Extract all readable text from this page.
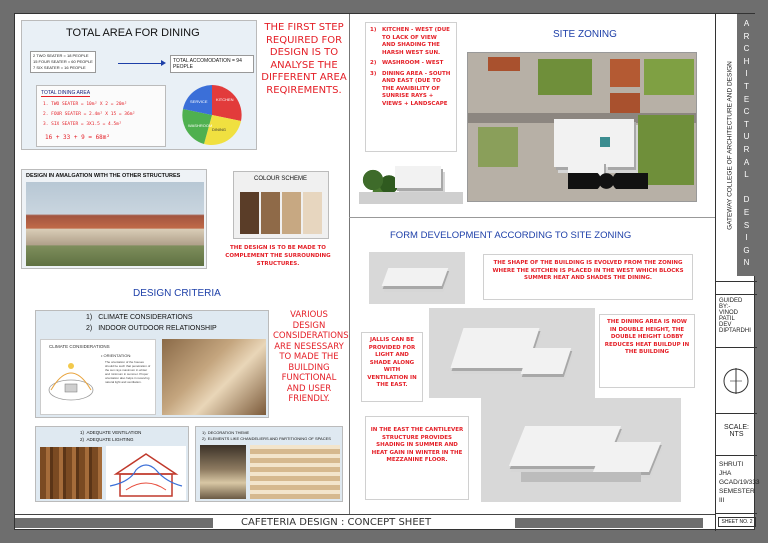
TOTAL AREA FOR DINING
2 TWO SEATER = 18 PEOPLE
15 FOUR SEATER = 60 PEOPLE
7 SIX SEATER = 16 PEOPLE
TOTAL ACCOMODATION = 94 PEOPLE
TOTAL DINING AREA
1. TWO SEATER = 10m² X 2 = 20m²
2. FOUR SEATER = 2.4m² X 15 = 36m²
3. SIX SEATER = 3X1.5 = 4.5m²
16 + 33 + 9 = 68m²
KITCHEN
DINING
WASHROOM
SERVICE
THE FIRST STEP REQUIRED FOR DESIGN IS TO ANALYSE THE DIFFERENT AREA REQIREMENTS.
DESIGN IN AMALGATION WITH THE OTHER STRUCTURES	COLOUR SCHEME
THE DESIGN IS TO BE MADE TO COMPLEMENT THE SURROUNDING STRUCTURES.
DESIGN CRITERIA
1) CLIMATE CONSIDERATIONS
2) INDOOR OUTDOOR RELATIONSHIP
CLIMATE CONSIDERATIONS
• ORIENTATION:
The orientation of the houses should be such that penetration of the sun rays maximum in winter and minimum in summer. Proper orientation also helps in receiving natural light and ventilation.
VARIOUS DESIGN CONSIDERATIONS ARE NESESSARY TO MADE THE BUILDING FUNCTIONAL AND USER FRIENDLY.
1)  ADEQUATE VENTILATION
2)  ADEQUATE LIGHTING
1)  DECORATION THEME
2)  ELEMENTS LIKE CHANDELIERS AND PARTITIONING OF SPACES
1)	KITCHEN - WEST (DUE TO LACK OF VIEW AND SHADING THE HARSH WEST SUN.
2)	WASHROOM - WEST
3)	DINING AREA - SOUTH AND EAST (DUE TO THE AVAIBILITY OF SUNRISE RAYS + VIEWS + LANDSCAPE
SITE ZONING
FORM DEVELOPMENT ACCORDING TO SITE ZONING
THE SHAPE OF THE BUILDING IS EVOLVED FROM THE ZONING WHERE THE KITCHEN IS PLACED IN THE WEST WHICH BLOCKS SUMMER HEAT AND SHADES THE DINING.
JALLIS CAN BE PROVIDED FOR LIGHT AND SHADE ALONG WITH VENTILATION IN THE EAST.
THE DINING AREA IS NOW IN DOUBLE HEIGHT, THE DOUBLE HEIGHT LOBBY REDUCES HEAT BUILDUP IN THE BUILDING
IN THE EAST THE CANTILEVER STRUCTURE PROVIDES SHADING IN SUMMER AND HEAT GAIN IN WINTER IN THE MEZZANINE FLOOR.
CAFETERIA DESIGN : CONCEPT SHEET
GATEWAY COLLEGE OF ARCHITECTURE AND DESIGN
A
R
C
H
I
T
E
C
T
U
R
A
L
D
E
S
I
G
N
GUIDED BY:-
VINOD PATIL
DEV DIPTARDHI
SCALE:
NTS
SHRUTI JHA
GCAD/19/333
SEMESTER III
SHEET NO. 2
